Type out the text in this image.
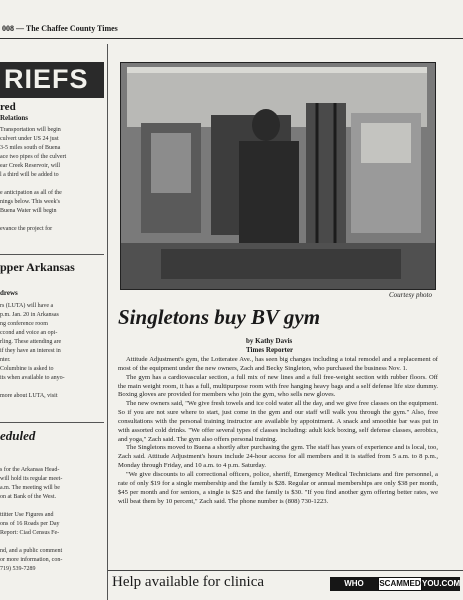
008 — The Chaffee County Times
RIEFS
red
Relations
Transportation will begin
culvert under US 24 just
3-5 miles south of Buena
ace two pipes of the culvert
ear Creek Reservoir, will
l a third will be added to

e anticipation as all of the
nings below. This week's
Buena Water will begin

evance the project for
pper Arkansas
drews
rs (LUTA) will have a
p.m. Jan. 20 in Arkansas
ng conference room
ccond and voice an opi-
rling. These attending are
if they have an interest in
nter.
Columbine is asked to
its when available to anyo-

more about LUTA, visit
eduled
s for the Arkansas Head-
will hold its regular meet-
a.m. The meeting will be
on at Bank of the West.

ttitter Use Figures and
ons of 16 Roads per Day
Report: Ciad Census Fe-

nd, and a public comment
or more information, con-
719) 539-7289
Courtesy photo
Singletons buy BV gym
by Kathy Davis
Times Reporter

Attitude Adjustment's gym, the Lotteratee Ave., has seen big changes including a total remodel and a replacement of most of the equipment under the new owners, Zach and Becky Singleton, who purchased the business Nov. 1.

The gym has a cardiovascular section, a full mix of new lines and a full free-weight section with rubber floors. Off the main weight room, it has a full, multipurpose room with free hanging heavy bags and a self defense life size dummy. Boxing gloves are provided for members who join the gym, who sells new gloves.

The new owners said, "We give fresh towels and ice cold water all the day, and we give free classes on the equipment. So if you are not sure where to start, just come in the gym and our staff will walk you through the gym." Also, free consultations with the personal training instructor are available by appointment. A snack and smoothie bar was put in with assorted cold drinks. "We offer several types of classes including: adult kick boxing, self defense classes, aerobics, and yoga," Zach said. The gym also offers personal training.

The Singletons moved to Buena a shortly after purchasing the gym. The staff has years of experience and is local, too, Zach said. Attitude Adjustment's hours include 24-hour access for all members and it is staffed from 5 a.m. to 8 p.m., Monday through Friday, and 10 a.m. to 4 p.m. Saturday.

"We give discounts to all correctional officers, police, sheriff, Emergency Medical Technicians and fire personnel, a rate of only $19 for a single membership and the family is $28. Regular or annual memberships are only $38 per month, $45 per month and for seniors, a single is $25 and the family is $30. "If you find another gym offering better rates, we will beat them by 10 percent," Zach said. The phone number is (808) 730-1223.

Help available for clinica	WHO	SCAMMED YOU.COM
